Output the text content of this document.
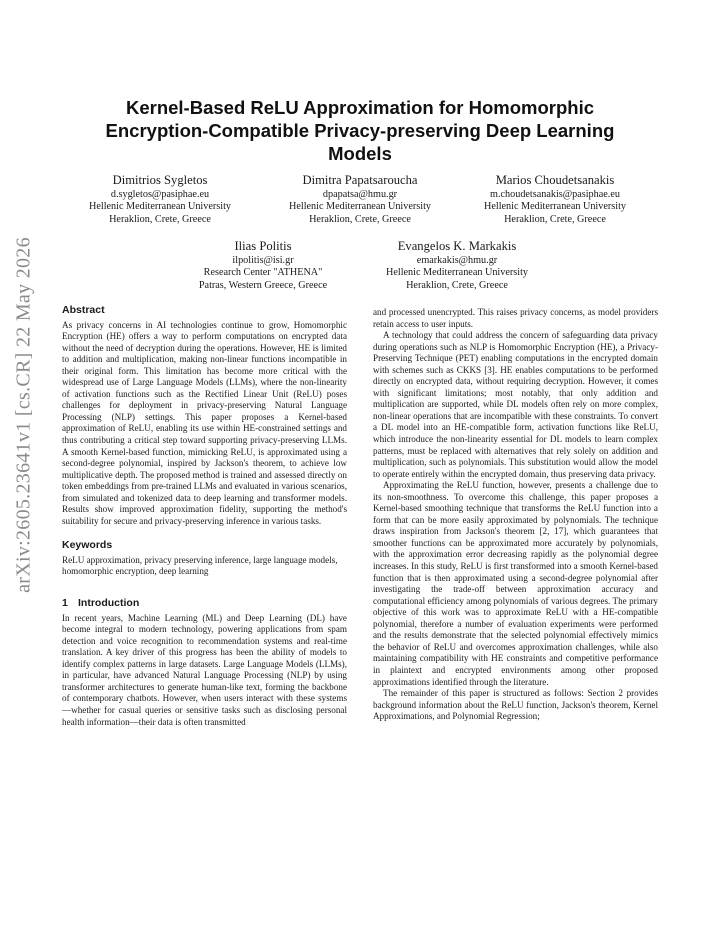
arXiv:2605.23641v1 [cs.CR] 22 May 2026
Kernel-Based ReLU Approximation for Homomorphic Encryption-Compatible Privacy-preserving Deep Learning Models
Dimitrios Sygletos
d.sygletos@pasiphae.eu
Hellenic Mediterranean University
Heraklion, Crete, Greece
Dimitra Papatsaroucha
dpapatsa@hmu.gr
Hellenic Mediterranean University
Heraklion, Crete, Greece
Marios Choudetsanakis
m.choudetsanakis@pasiphae.eu
Hellenic Mediterranean University
Heraklion, Crete, Greece
Ilias Politis
ilpolitis@isi.gr
Research Center "ATHENA"
Patras, Western Greece, Greece
Evangelos K. Markakis
emarkakis@hmu.gr
Hellenic Mediterranean University
Heraklion, Crete, Greece
Abstract

As privacy concerns in AI technologies continue to grow, Homomorphic Encryption (HE) offers a way to perform computations on encrypted data without the need of decryption during the operations. However, HE is limited to addition and multiplication, making non-linear functions incompatible in their original form. This limitation has become more critical with the widespread use of Large Language Models (LLMs), where the non-linearity of activation functions such as the Rectified Linear Unit (ReLU) poses challenges for deployment in privacy-preserving Natural Language Processing (NLP) settings. This paper proposes a Kernel-based approximation of ReLU, enabling its use within HE-constrained settings and thus contributing a critical step toward supporting privacy-preserving LLMs. A smooth Kernel-based function, mimicking ReLU, is approximated using a second-degree polynomial, inspired by Jackson's theorem, to achieve low multiplicative depth. The proposed method is trained and assessed directly on token embeddings from pre-trained LLMs and evaluated in various scenarios, from simulated and tokenized data to deep learning and transformer models. Results show improved approximation fidelity, supporting the method's suitability for secure and privacy-preserving inference in various tasks.

Keywords

ReLU approximation, privacy preserving inference, large language models, homomorphic encryption, deep learning

1 Introduction

In recent years, Machine Learning (ML) and Deep Learning (DL) have become integral to modern technology, powering applications from spam detection and voice recognition to recommendation systems and real-time translation. A key driver of this progress has been the ability of models to identify complex patterns in large datasets. Large Language Models (LLMs), in particular, have advanced Natural Language Processing (NLP) by using transformer architectures to generate human-like text, forming the backbone of contemporary chatbots. However, when users interact with these systems—whether for casual queries or sensitive tasks such as disclosing personal health information—their data is often transmitted

and processed unencrypted. This raises privacy concerns, as model providers retain access to user inputs.

A technology that could address the concern of safeguarding data privacy during operations such as NLP is Homomorphic Encryption (HE), a Privacy-Preserving Technique (PET) enabling computations in the encrypted domain with schemes such as CKKS [3]. HE enables computations to be performed directly on encrypted data, without requiring decryption. However, it comes with significant limitations; most notably, that only addition and multiplication are supported, while DL models often rely on more complex, non-linear operations that are incompatible with these constraints. To convert a DL model into an HE-compatible form, activation functions like ReLU, which introduce the non-linearity essential for DL models to learn complex patterns, must be replaced with alternatives that rely solely on addition and multiplication, such as polynomials. This substitution would allow the model to operate entirely within the encrypted domain, thus preserving data privacy.

Approximating the ReLU function, however, presents a challenge due to its non-smoothness. To overcome this challenge, this paper proposes a Kernel-based smoothing technique that transforms the ReLU function into a form that can be more easily approximated by polynomials. The technique draws inspiration from Jackson's theorem [2, 17], which guarantees that smoother functions can be approximated more accurately by polynomials, with the approximation error decreasing rapidly as the polynomial degree increases. In this study, ReLU is first transformed into a smooth Kernel-based function that is then approximated using a second-degree polynomial after investigating the trade-off between approximation accuracy and computational efficiency among polynomials of various degrees. The primary objective of this work was to approximate ReLU with a HE-compatible polynomial, therefore a number of evaluation experiments were performed and the results demonstrate that the selected polynomial effectively mimics the behavior of ReLU and overcomes approximation challenges, while also maintaining compatibility with HE constraints and competitive performance in plaintext and encrypted environments among other proposed approximations identified through the literature.

The remainder of this paper is structured as follows: Section 2 provides background information about the ReLU function, Jackson's theorem, Kernel Approximations, and Polynomial Regression;
